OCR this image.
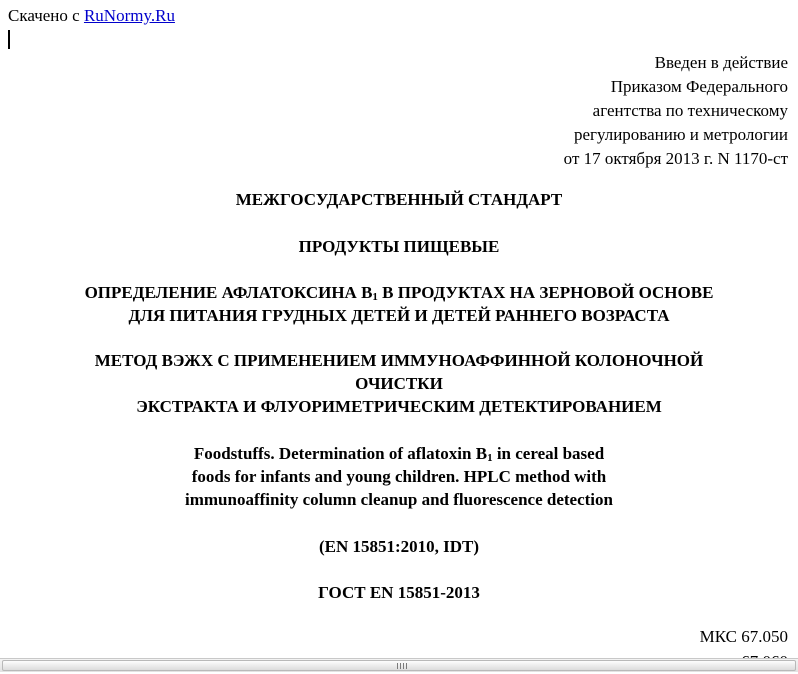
Скачено с RuNormy.Ru
Введен в действие
Приказом Федерального
агентства по техническому
регулированию и метрологии
от 17 октября 2013 г. N 1170-ст
МЕЖГОСУДАРСТВЕННЫЙ СТАНДАРТ
ПРОДУКТЫ ПИЩЕВЫЕ
ОПРЕДЕЛЕНИЕ АФЛАТОКСИНА $B_1$ В ПРОДУКТАХ НА ЗЕРНОВОЙ ОСНОВЕ
ДЛЯ ПИТАНИЯ ГРУДНЫХ ДЕТЕЙ И ДЕТЕЙ РАННЕГО ВОЗРАСТА
МЕТОД ВЭЖХ С ПРИМЕНЕНИЕМ ИММУНОАФФИННОЙ КОЛОНОЧНОЙ
ОЧИСТКИ
ЭКСТРАКТА И ФЛУОРИМЕТРИЧЕСКИМ ДЕТЕКТИРОВАНИЕМ
Foodstuffs. Determination of aflatoxin $B_1$ in cereal based
foods for infants and young children. HPLC method with
immunoaffinity column cleanup and fluorescence detection
(EN 15851:2010, IDT)
ГОСТ EN 15851-2013
МКС 67.050
